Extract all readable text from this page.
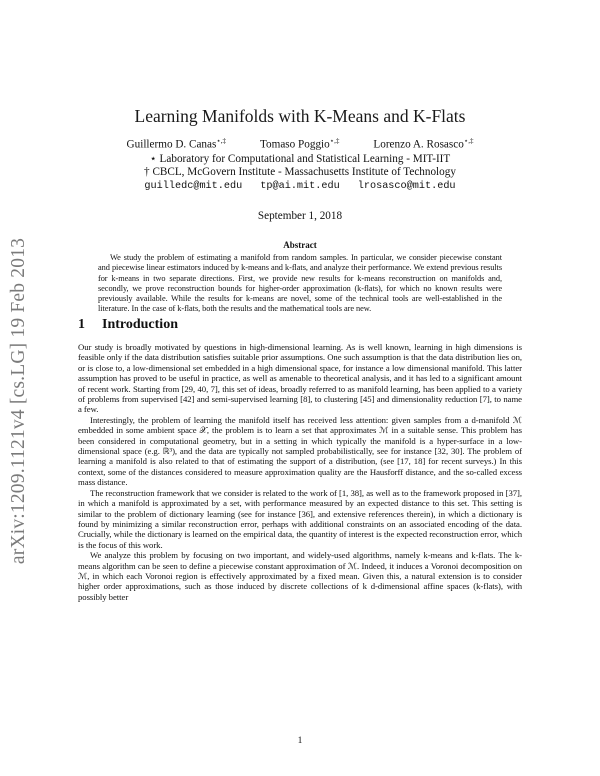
arXiv:1209.1121v4 [cs.LG] 19 Feb 2013
Learning Manifolds with K-Means and K-Flats
Guillermo D. Canas⋆,‡	Tomaso Poggio⋆,‡	Lorenzo A. Rosasco⋆,‡
⋆ Laboratory for Computational and Statistical Learning - MIT-IIT
† CBCL, McGovern Institute - Massachusetts Institute of Technology
guilledc@mit.edu tp@ai.mit.edu lrosasco@mit.edu
September 1, 2018
Abstract
We study the problem of estimating a manifold from random samples. In particular, we consider piecewise constant and piecewise linear estimators induced by k-means and k-flats, and analyze their performance. We extend previous results for k-means in two separate directions. First, we provide new results for k-means reconstruction on manifolds and, secondly, we prove reconstruction bounds for higher-order approximation (k-flats), for which no known results were previously available. While the results for k-means are novel, some of the technical tools are well-established in the literature. In the case of k-flats, both the results and the mathematical tools are new.
1 Introduction

Our study is broadly motivated by questions in high-dimensional learning. As is well known, learning in high dimensions is feasible only if the data distribution satisfies suitable prior assumptions. One such assumption is that the data distribution lies on, or is close to, a low-dimensional set embedded in a high dimensional space, for instance a low dimensional manifold. This latter assumption has proved to be useful in practice, as well as amenable to theoretical analysis, and it has led to a significant amount of recent work. Starting from [29, 40, 7], this set of ideas, broadly referred to as manifold learning, has been applied to a variety of problems from supervised [42] and semi-supervised learning [8], to clustering [45] and dimensionality reduction [7], to name a few.

Interestingly, the problem of learning the manifold itself has received less attention: given samples from a d-manifold ℳ embedded in some ambient space 𝒳, the problem is to learn a set that approximates ℳ in a suitable sense. This problem has been considered in computational geometry, but in a setting in which typically the manifold is a hyper-surface in a low-dimensional space (e.g. ℝ³), and the data are typically not sampled probabilistically, see for instance [32, 30]. The problem of learning a manifold is also related to that of estimating the support of a distribution, (see [17, 18] for recent surveys.) In this context, some of the distances considered to measure approximation quality are the Hausforff distance, and the so-called excess mass distance.

The reconstruction framework that we consider is related to the work of [1, 38], as well as to the framework proposed in [37], in which a manifold is approximated by a set, with performance measured by an expected distance to this set. This setting is similar to the problem of dictionary learning (see for instance [36], and extensive references therein), in which a dictionary is found by minimizing a similar reconstruction error, perhaps with additional constraints on an associated encoding of the data. Crucially, while the dictionary is learned on the empirical data, the quantity of interest is the expected reconstruction error, which is the focus of this work.

We analyze this problem by focusing on two important, and widely-used algorithms, namely k-means and k-flats. The k-means algorithm can be seen to define a piecewise constant approximation of ℳ. Indeed, it induces a Voronoi decomposition on ℳ, in which each Voronoi region is effectively approximated by a fixed mean. Given this, a natural extension is to consider higher order approximations, such as those induced by discrete collections of k d-dimensional affine spaces (k-flats), with possibly better

1
